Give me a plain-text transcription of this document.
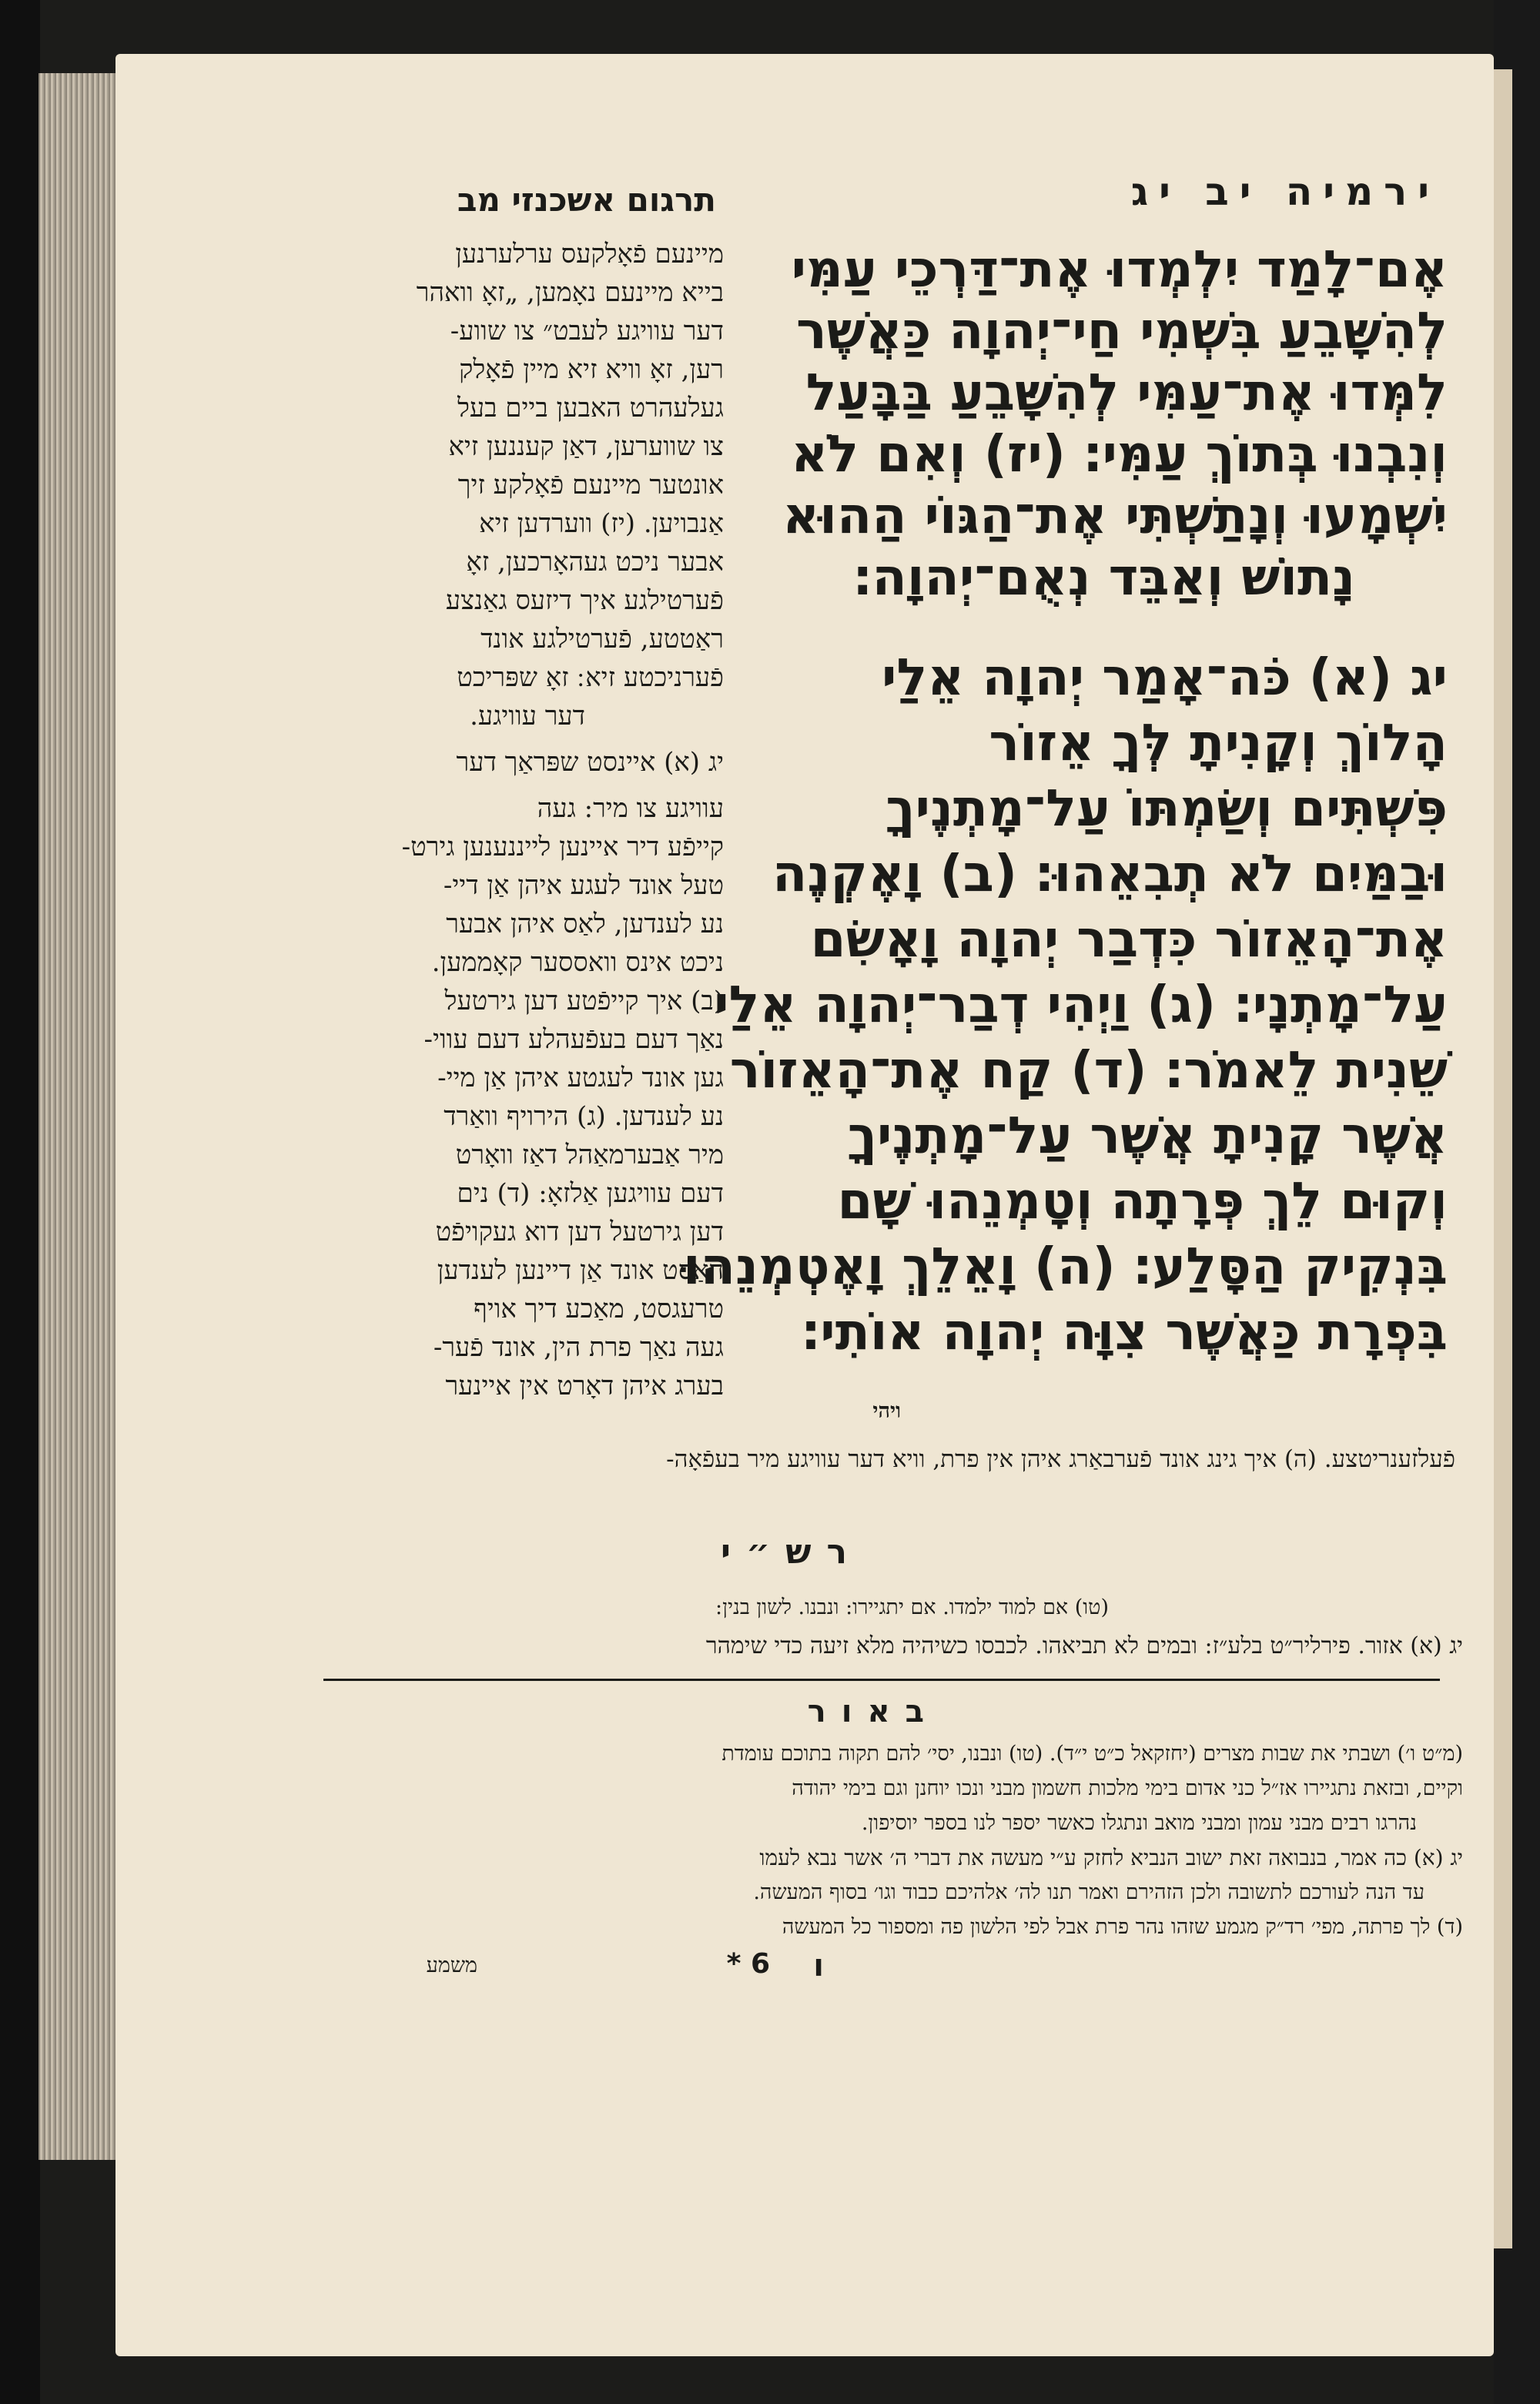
ירמיה יב יג
תרגום אשכנזי מב
אֶם־לָמַד יִלְמְדוּ אֶת־דַּרְכֵי עַמִּי
לְהִשָּׁבֵעַ בִּשְׁמִי חַי־יְהוָה כַּאֲשֶׁר
לִמְּדוּ אֶת־עַמִּי לְהִשָּׁבֵעַ בַּבָּעַל
וְנִבְנוּ בְּתוֹךְ עַמִּי׃ (יז) וְאִם לֹא
יִשְׁמָעוּ וְנָתַשְׁתִּי אֶת־הַגּוֹי הַהוּא
נָתוֹשׁ וְאַבֵּד נְאֻם־יְהוָה׃
יג (א) כֹּה־אָמַר יְהוָה אֵלַי
הָלוֹךְ וְקָנִיתָ לְּךָ אֵזוֹר
פִּשְׁתִּים וְשַׂמְתּוֹ עַל־מָתְנֶיךָ
וּבַמַּיִם לֹא תְבִאֵהוּ׃ (ב) וָאֶקְנֶה
אֶת־הָאֵזוֹר כִּדְבַר יְהוָה וָאָשִׂם
עַל־מָתְנָי׃ (ג) וַיְהִי דְבַר־יְהוָה אֵלַי
שֵׁנִית לֵאמֹר׃ (ד) קַח אֶת־הָאֵזוֹר
אֲשֶׁר קָנִיתָ אֲשֶׁר עַל־מָתְנֶיךָ
וְקוּם לֵךְ פְּרָתָה וְטָמְנֵהוּ שָׁם
בִּנְקִיק הַסָּלַע׃ (ה) וָאֵלֵךְ וָאֶטְמְנֵהוּ
בִּפְרָת כַּאֲשֶׁר צִוָּה יְהוָה אוֹתִי׃
ויהי
מיינעם פֿאָלקעס ערלערנען
בייא מיינעם נאָמען, „זאָ וואהר
דער עוויגע לעבט״ צו שווע-
רען, זאָ וויא זיא מיין פֿאָלק
געלעהרט האבען ביים בעל
צו שווערען, דאַן קעננען זיא
אונטער מיינעם פֿאָלקע זיך
אַנבויען. (יז) ווערדען זיא
אבער ניכט געהאָרכען, זאָ
פֿערטילגע איך דיזעס גאַנצע
ראַטטע, פֿערטילגע אונד
פֿערניכטע זיא ׃ זאָ שפּריכט
דער עוויגע.
יג (א) איינסט שפּראַך דער
עוויגע צו מיר: געה
קייפֿע דיר איינען לייננענען גירט-
טעל אונד לעגע איהן אַן דיי-
נע לענדען, לאַס איהן אבער
ניכט אינס וואססער קאָממען.
(ב) איך קייפֿטע דען גירטעל
נאַך דעם בעפֿעהלע דעם עווי-
גען אונד לעגטע איהן אַן מיי-
נע לענדען. (ג) הירויף וואַרד
מיר אַבערמאַהל דאַז וואָרט
דעם עוויגען אַלזאָ: (ד) נים
דען גירטעל דען דוא געקויפֿט
האַסט אונד אַן דיינען לענדען
טרעגסט, מאַכע דיך אויף
געה נאַך פרת הין, אונד פֿער-
בערג איהן דאָרט אין איינער
פֿעלזענריטצע. (ה) איך גינג אונד פֿערבאַרג איהן אין פרת, וויא דער עוויגע מיר בעפֿאָה-
רש״י
(טו) אם למוד ילמדו. אם יתגיירו: ונבנו. לשון בנין:
יג (א) אזור. פירליר״ט בלע״ז: ובמים לא תביאהו. לכבסו כשיהיה מלא זיעה כדי שימהר
באור
(מ״ט ו׳) ושבתי את שבות מצרים (יחזקאל כ״ט י״ד). (טו) ונבנו, יסי׳ להם תקוה בתוכם עומדת
וקיים, ובזאת נתגיירו אז״ל כני אדום בימי מלכות חשמון מבני ונכו יוחנן וגם בימי יהודה
נהרגו רבים מבני עמון ומבני מואב ונתגלו כאשר יספר לנו בספר יוסיפון.
יג (א) כה אמר, בנבואה זאת ישוב הנביא לחזק ע״י מעשה את דברי ה׳ אשר נבא לעמו
עד הנה לעורכם לתשובה ולכן הזהירם ואמר תנו לה׳ אלהיכם כבוד וגו׳ בסוף המעשה.
(ד) לך פרתה, מפי׳ רד״ק מגמע שזהו נהר פרת אבל לפי הלשון פה ומספור כל המעשה
ו
6 *
משמע
